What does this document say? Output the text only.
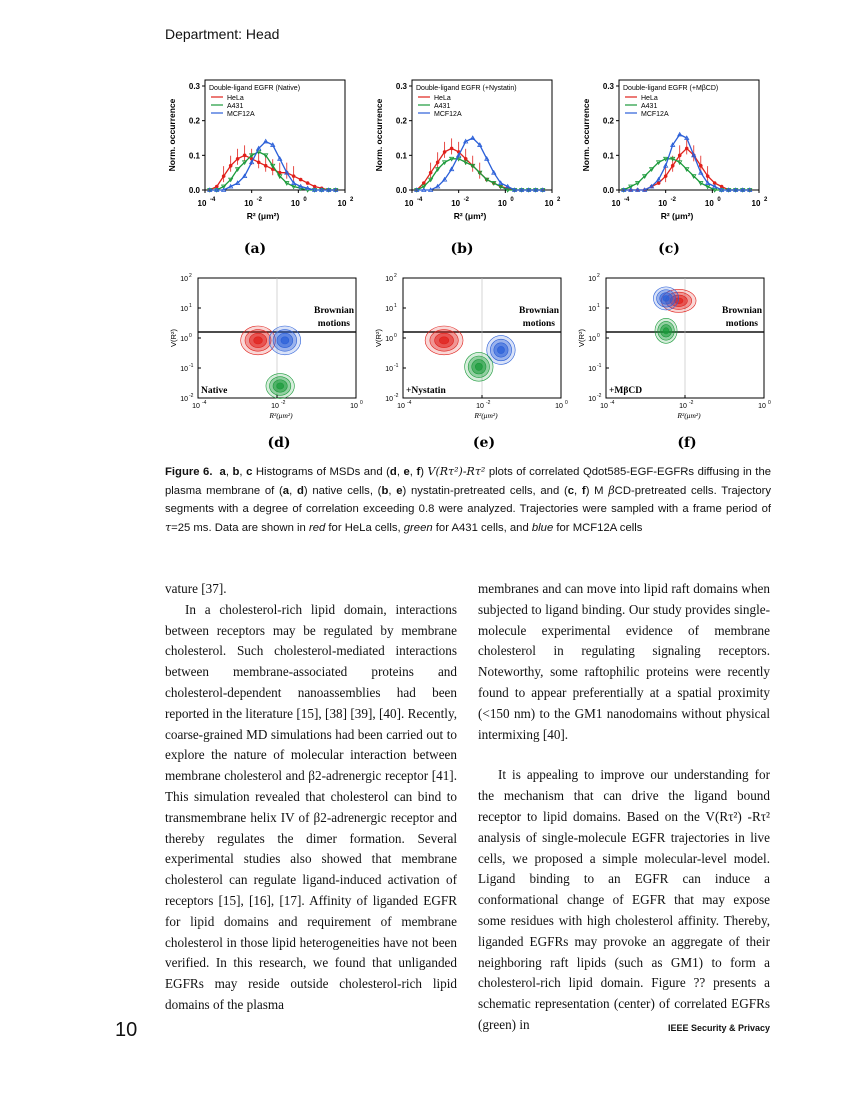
Department: Head
0.3
0.2
0.1
0.0
10 -4	10 -2	10 0	10 2
R² (μm²)
Norm. occurrence
Double-ligand EGFR (Native)
HeLa
A431
MCF12A
(a)
0.3
0.2
0.1
0.0
10 -4	10 -2	10 0	10 2
R² (μm²)
Norm. occurrence
Double-ligand EGFR (+Nystatin)
HeLa
A431
MCF12A
(b)
0.3
0.2
0.1
0.0
10 -4	10 -2	10 0	10 2
R² (μm²)
Norm. occurrence
Double-ligand EGFR (+MβCD)
HeLa
A431
MCF12A
(c)
10 2
10 1
10 0
10 -1
10 -2
10 -4	10 -2	10 0
R²(μm²)
V(R²)
Brownian
motions
Native
(d)
10 2
10 1
10 0
10 -1
10 -2
10 -4	10 -2	10 0
R²(μm²)
V(R²)
Brownian
motions
+Nystatin
(e)
10 2
10 1
10 0
10 -1
10 -2
10 -4	10 -2	10 0
R²(μm²)
V(R²)
Brownian
motions
+MβCD
(f)
Figure 6. a, b, c Histograms of MSDs and (d, e, f) V(Rτ²)-Rτ² plots of correlated Qdot585-EGF-EGFRs diffusing in the plasma membrane of (a, d) native cells, (b, e) nystatin-pretreated cells, and (c, f) M βCD-pretreated cells. Trajectory segments with a degree of correlation exceeding 0.8 were analyzed. Trajectories were sampled with a frame period of τ=25 ms. Data are shown in red for HeLa cells, green for A431 cells, and blue for MCF12A cells

vature [37].

In a cholesterol-rich lipid domain, interactions between receptors may be regulated by membrane cholesterol. Such cholesterol-mediated interactions between membrane-associated proteins and cholesterol-dependent nanoassemblies had been reported in the literature [15], [38] [39], [40]. Recently, coarse-grained MD simulations had been carried out to explore the nature of molecular interaction between membrane cholesterol and β2-adrenergic receptor [41]. This simulation revealed that cholesterol can bind to transmembrane helix IV of β2-adrenergic receptor and thereby regulates the dimer formation. Several experimental studies also showed that membrane cholesterol can regulate ligand-induced activation of receptors [15], [16], [17]. Affinity of liganded EGFR for lipid domains and requirement of membrane cholesterol in those lipid heterogeneities have not been verified. In this research, we found that unliganded EGFRs may reside outside cholesterol-rich lipid domains of the plasma

membranes and can move into lipid raft domains when subjected to ligand binding. Our study provides single-molecule experimental evidence of membrane cholesterol in regulating signaling receptors. Noteworthy, some raftophilic proteins were recently found to appear preferentially at a spatial proximity (<150 nm) to the GM1 nanodomains without physical intermixing [40].

It is appealing to improve our understanding for the mechanism that can drive the ligand bound receptor to lipid domains. Based on the V(Rτ²) -Rτ² analysis of single-molecule EGFR trajectories in live cells, we proposed a simple molecular-level model. Ligand binding to an EGFR can induce a conformational change of EGFR that may expose some residues with high cholesterol affinity. Thereby, liganded EGFRs may provoke an aggregate of their neighboring raft lipids (such as GM1) to form a cholesterol-rich lipid domain. Figure ?? presents a schematic representation (center) of correlated EGFRs (green) in

10	IEEE Security & Privacy
